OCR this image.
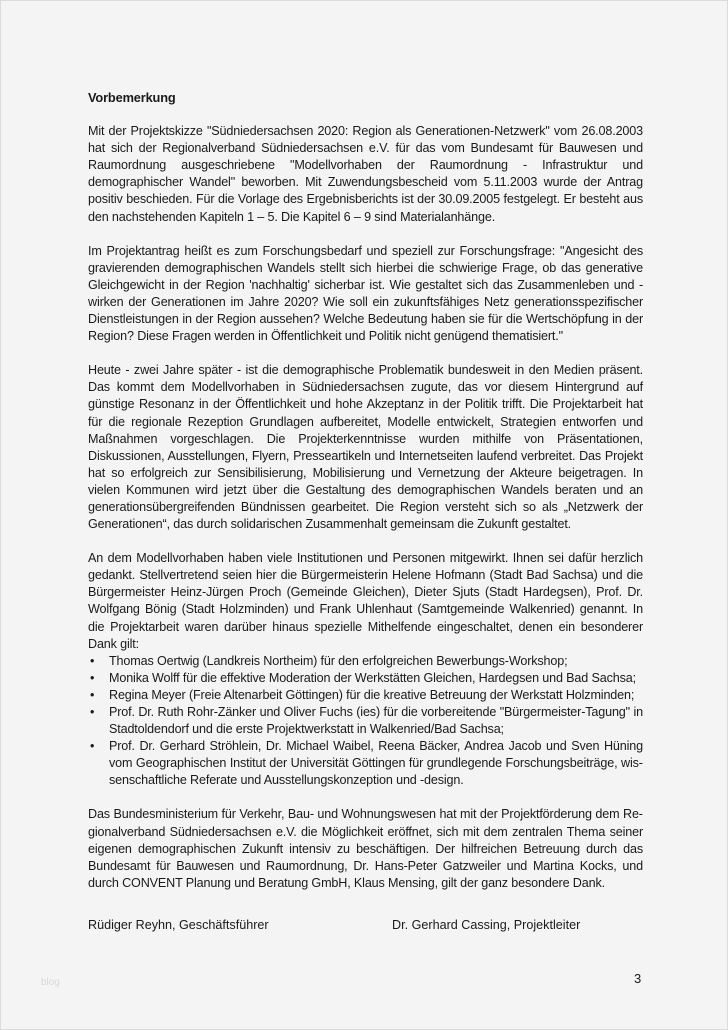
Vorbemerkung

Mit der Projektskizze "Südniedersachsen 2020: Region als Generationen-Netzwerk" vom 26.08.2003 hat sich der Regionalverband Südniedersachsen e.V. für das vom Bundesamt für Bauwesen und Raumordnung ausgeschriebene "Modellvorhaben der Raumordnung - Infrastruktur und demographischer Wandel" beworben. Mit Zuwendungsbescheid vom 5.11.2003 wurde der Antrag positiv beschieden. Für die Vorlage des Ergebnisberichts ist der 30.09.2005 festgelegt. Er besteht aus den nachstehenden Kapiteln 1 – 5. Die Kapitel 6 – 9 sind Materialanhänge.

Im Projektantrag heißt es zum Forschungsbedarf und speziell zur Forschungsfrage: "Angesicht des gravierenden demographischen Wandels stellt sich hierbei die schwierige Frage, ob das generative Gleichgewicht in der Region 'nachhaltig' sicherbar ist. Wie gestaltet sich das Zusammenleben und -wirken der Generationen im Jahre 2020? Wie soll ein zukunftsfähiges Netz generationsspezifischer Dienstleistungen in der Region aussehen? Welche Bedeutung haben sie für die Wertschöpfung in der Region? Diese Fragen werden in Öffentlichkeit und Politik nicht genügend thematisiert."

Heute - zwei Jahre später - ist die demographische Problematik bundesweit in den Medien präsent. Das kommt dem Modellvorhaben in Südniedersachsen zugute, das vor diesem Hintergrund auf günstige Resonanz in der Öffentlichkeit und hohe Akzeptanz in der Politik trifft. Die Projektarbeit hat für die regionale Rezeption Grundlagen aufbereitet, Modelle entwickelt, Strategien entworfen und Maßnahmen vorgeschlagen. Die Projekterkenntnisse wurden mithilfe von Präsentationen, Diskussionen, Ausstellungen, Flyern, Presseartikeln und Internetseiten laufend verbreitet. Das Projekt hat so erfolgreich zur Sensibilisierung, Mobilisierung und Vernetzung der Akteure beigetragen. In vielen Kommunen wird jetzt über die Gestaltung des demographischen Wandels beraten und an generationsübergreifenden Bündnissen gearbeitet. Die Region versteht sich so als „Netzwerk der Generationen“, das durch solidarischen Zusammenhalt gemeinsam die Zukunft gestaltet.

An dem Modellvorhaben haben viele Institutionen und Personen mitgewirkt. Ihnen sei dafür herzlich gedankt. Stellvertretend seien hier die Bürgermeisterin Helene Hofmann (Stadt Bad Sachsa) und die Bürgermeister Heinz-Jürgen Proch (Gemeinde Gleichen), Dieter Sjuts (Stadt Hardegsen), Prof. Dr. Wolfgang Bönig (Stadt Holzminden) und Frank Uhlenhaut (Samtgemeinde Walkenried) genannt. In die Projektarbeit waren darüber hinaus spezielle Mithelfende eingeschaltet, denen ein besonderer Dank gilt:

• Thomas Oertwig (Landkreis Northeim) für den erfolgreichen Bewerbungs-Workshop;
• Monika Wolff für die effektive Moderation der Werkstätten Gleichen, Hardegsen und Bad Sachsa;
• Regina Meyer (Freie Altenarbeit Göttingen) für die kreative Betreuung der Werkstatt Holzminden;
• Prof. Dr. Ruth Rohr-Zänker und Oliver Fuchs (ies) für die vorbereitende "Bürgermeister-Tagung" in Stadtoldendorf und die erste Projektwerkstatt in Walkenried/Bad Sachsa;
• Prof. Dr. Gerhard Ströhlein, Dr. Michael Waibel, Reena Bäcker, Andrea Jacob und Sven Hüning vom Geographischen Institut der Universität Göttingen für grundlegende Forschungsbeiträge, wissenschaftliche Referate und Ausstellungskonzeption und -design.

Das Bundesministerium für Verkehr, Bau- und Wohnungswesen hat mit der Projektförderung dem Regionalverband Südniedersachsen e.V. die Möglichkeit eröffnet, sich mit dem zentralen Thema seiner eigenen demographischen Zukunft intensiv zu beschäftigen. Der hilfreichen Betreuung durch das Bundesamt für Bauwesen und Raumordnung, Dr. Hans-Peter Gatzweiler und Martina Kocks, und durch CONVENT Planung und Beratung GmbH, Klaus Mensing, gilt der ganz besondere Dank.

Rüdiger Reyhn, Geschäftsführer	Dr. Gerhard Cassing, Projektleiter
blog	3
